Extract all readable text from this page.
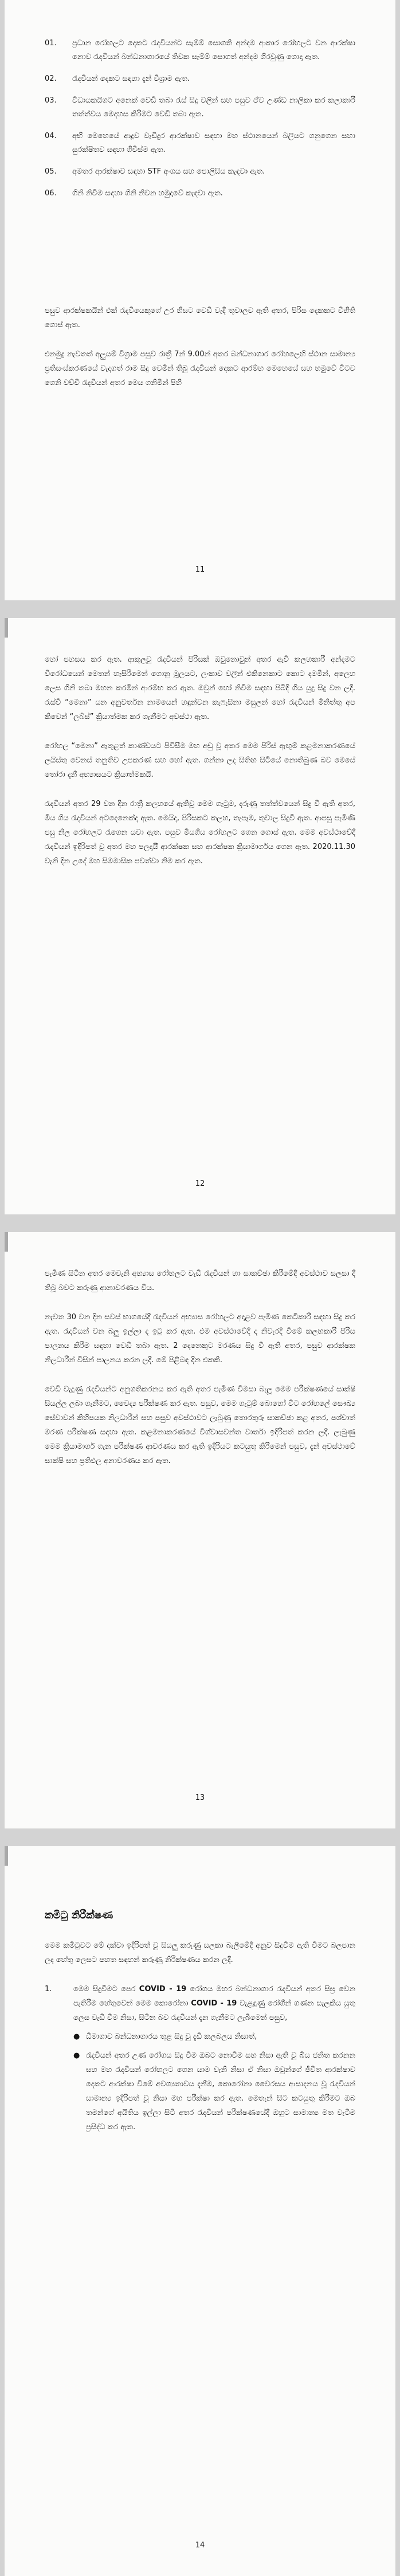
01.	ප්‍රධාන රෝහලට දෙකට රැදවියන්ට සැම්ම් සොගති අන්දම ආකාර රෝහලට වන ආරක්ෂා නොව රැදවියන් බන්ධනාගාරයේ තිවක සැම්ම් සොගත් අන්දම ගිරවුණු ගොදා ඇත.
02.	රැදවියන් දෙකට සඳහා දැන් විශ්‍රාම ඇත.
03.	විධායකයිගට අනෙක් වෙඩි තබා රැස් සිදු වලින් සහ පසුව ඒව උණ්ඩ නාලිකා කර කලාකාරී තත්ත්වය මෙදහස කිරිමට වෙඩි තබා ඇත.
04.	අභි මෙහෙයේ ආදූව වැඩිදුර ආරක්ෂාව සඳහා මහ ස්ථානයෙන් බලියට ගනුගෙන සහා සුරක්ෂිතව සඳහා ගිවිස්ම ඇත.
05.	අමතර ආරක්ෂාව සඳහා STF අංශය සහ පොලිසිය කැඳවා ඇත.
06.	ගිනි නිවීම සඳහා ගිනි නිවන හමුදාවේ කැඳවා ඇත.

පසුව ආරක්ෂකයින් එක් රැදවියෙකුගේ උර හිසට වෙඩි වැදී තුවාලව ඇති අතර, පිරිස දෙකකට විභිති ගොස් ඇත.

එනමුදු නැවතත් අලුයම් විශ්‍රාම පසුව රාත්‍රී 7න් 9.00න් අතර බන්ධනාගාර රෝහලෙහි ස්ථාන සාමාන්‍ය ප්‍රතිසංස්කරණයේ වැදගත් රාම සිදු වෙමින් තිබූ රැදවියන් දෙකට ආරම්භ මෙහෙයේ සහ හමුවේ විටව ගෙනි වච්චි රැදවියන් අතර මෙය ගනිමින් පිහි

11

හෝ පහසය කර ඇත. ආකුලවූ රැදවියන් පිරිසක් ඔවුනොවුන් අතර ඇවි කලහකාරී අන්දමට විරෝධයෙන් මෙතන් හැසිරීමෙන් ගොනු මූලයට, ලංකාව වලින් එකිනෙකාට කොට දමමින්, අලෙහ ලෙස ගිනි තබා මහන කරමින් ආරම්භ කර ඇත. ඔවුන් හෝ නිවීම සඳහා පිබිදී ගිය යුදු සිදු වන ලදී. රැස්වී “මෙනා” යන අනුවර්තන නාමයෙන් හඳුන්වන කැෆැසිනා මසුලන් හෝ රැදවියන් මිනිත්තු අප කිවෙන් “ලබ්ස්” ක්‍රියාත්මක කර ගැනීමට අවස්ථා ඇත.

රෝහල “මෙනා” ඇතුළත් කාණ්ඩයට පිවිසීම මහ අඩු වූ අතර මෙම පිරිස් ඇඟුම් කළමනාකරණයේ ලයිස්තු වෙනස් තනුතිව උපකරණ සහ හෝ ඇත. ගන්නා ලද සිතිඟ සිටියේ නොතිබුණ බව මෙසේ තෝරා දැනී අභ්‍යාසයට ක්‍රියාත්මකයි.

රැදවියන් අතර 29 වන දින රාත්‍රී කලහයේ ඇතිවූ මෙම ගැටුම, දරුණු තත්ත්වයෙන් සිදු වී ඇති අතර, මිය ගිය රැදවියන් අටදෙනෙක්ද ඇත. මෙයිද, පිරිසකට කලහ, තැපෑම, තුවාල සිදුවී ඇත. ආපසු පැමිණි පසු නිල රෝහලට රැගෙන යවා ඇත. පසුව මියගිය රෝහලට ගෙන ගොස් ඇත. මෙම අවස්ථාවේදී රැදවියන් ඉදිරිපත් වූ අතර මහ පලදායී ආරක්ෂක සහ ආරක්ෂක ක්‍රියාමාර්ගය ගෙන ඇත. 2020.11.30 වැනි දින උදේ මහ සිමමාසික පවත්වා නිම කර ඇත.

12

පැමිණ සිටින අතර මෙවැනි අභ්‍යාස රෝහලට වැඩි රැදවියන් හා සාකච්ඡා කිරීමේදී අවස්ථාව සලසා දී තිබූ බවට කරුණු ආනාවරණය විය.

නැවත 30 වන දින සවස් භාගයේදී රැදවියන් අභ්‍යාස රෝහලට අදාළව පැමිණ කෙටිකාරී සඳහා සිදු කර ඇත. රැදවියන් වන බලු ඉල්ලා ද ඉටු කර ඇත. එම අවස්ථාවේදී ද නිවැරදි වීමේ කලහකාරී පිරිස පාලනය කිරීම සඳහා වෙඩි තබා ඇත. 2 දෙනෙකුට මරණය සිදු වී ඇති අතර, පසුව ආරක්ෂක නිලධාරීන් විසින් පාලනය කරන ලදී. මේ පිළිබඳ දින එකකි.

වෙඩි වැදුණු රැදවියන්ට අනුගතිකරනය කර ඇති අතර පැමිණ විමසා බැලූ මෙම පරීක්ෂණයේ සාක්ෂි සියල්ල ලබා ගැනීමට, වෛද්‍ය පරීක්ෂණ කර ඇත. පසුව, මෙම ගැටුම් බොහෝ විට රෝහලේ සෞඛ්‍ය සේවාවන් කිහිපයක නිලධාරීන් සහ පසුව අවස්ථාවට ලැබුණු තොරතුරු සාකච්ඡා කළ අතර, පශ්චාත් මරණ පරීක්ෂණ සඳහා ඇත. කළමනාකරණයේ විශ්වාසවන්ත වාර්තා ඉදිරිපත් කරන ලදී. ලැබුණු මෙම ක්‍රියාමාර්ග ගැන පරීක්ෂණ ආවරණය කර ඇති ඉදිරියට කටයුතු කිරීමෙන් පසුව, දැන් අවස්ථාවේ සාක්ෂි සහ ප්‍රතිඵල අනාවරණය කර ඇත.

13
කමිටු නිරීක්ෂණ

මෙම කමිටුවට මේ දක්වා ඉදිරිපත් වූ සියලු කරුණු සලකා බැලීමේදී අනුව සිදුවීම ඇති විමට බලපාන ලද හේතු ලෙසට පහත සඳහන් කරුණු නිරීක්ෂණය කරන ලදී.

1.	මෙම සිදුවීමට පෙර COVID - 19 රෝගය මහර බන්ධනාගාර රැදවියන් අතර සිඝ්‍ර වෙන පැතිරීම හේතුවෙන් මෙම කොරෝනා COVID - 19 වැළඳුණු රෝගීන් ගණන සැලකිය යුතු ලෙස වැඩි වීම නිසා, සිටින බව රැදවියන් දැන ගැනීමට ලැබීමෙන් පසුව,
● ධීමාගාව බන්ධනාගාරය තුළ සිදු වූ දැඩි කලබලය නිසාත්,
● රැදවියන් අතර උණ රෝගය සිදු වීම ඔබට නොවීම සහ නිසා ඇති වූ බිය ජනිත කරනන සහ මහ රැදවියන් රෝහලට ගෙන යාම වැනි නිසා ඒ නිසා ඔවුන්ගේ ජීවිත ආරක්ෂාව දෙකට ආරක්ෂා වීමේ අවශ්‍යතාවය දැනීම, කොරෝනා වෛරසය ආසාදනය වූ රැදවියන් සාමාන්‍ය ඉදිරිපත් වූ නිසා මහ පරීක්ෂා කර ඇත. මෙතැන් සිට කටයුතු කිරීමට ඔබ තමන්ගේ අයිතිය ඉල්ලා සිටි අතර රැදවියන් පරීක්ෂණයේදී ඔහුට සාමාන්‍ය මත වැටීම ප්‍රසිද්ධ කර ඇත.
14
